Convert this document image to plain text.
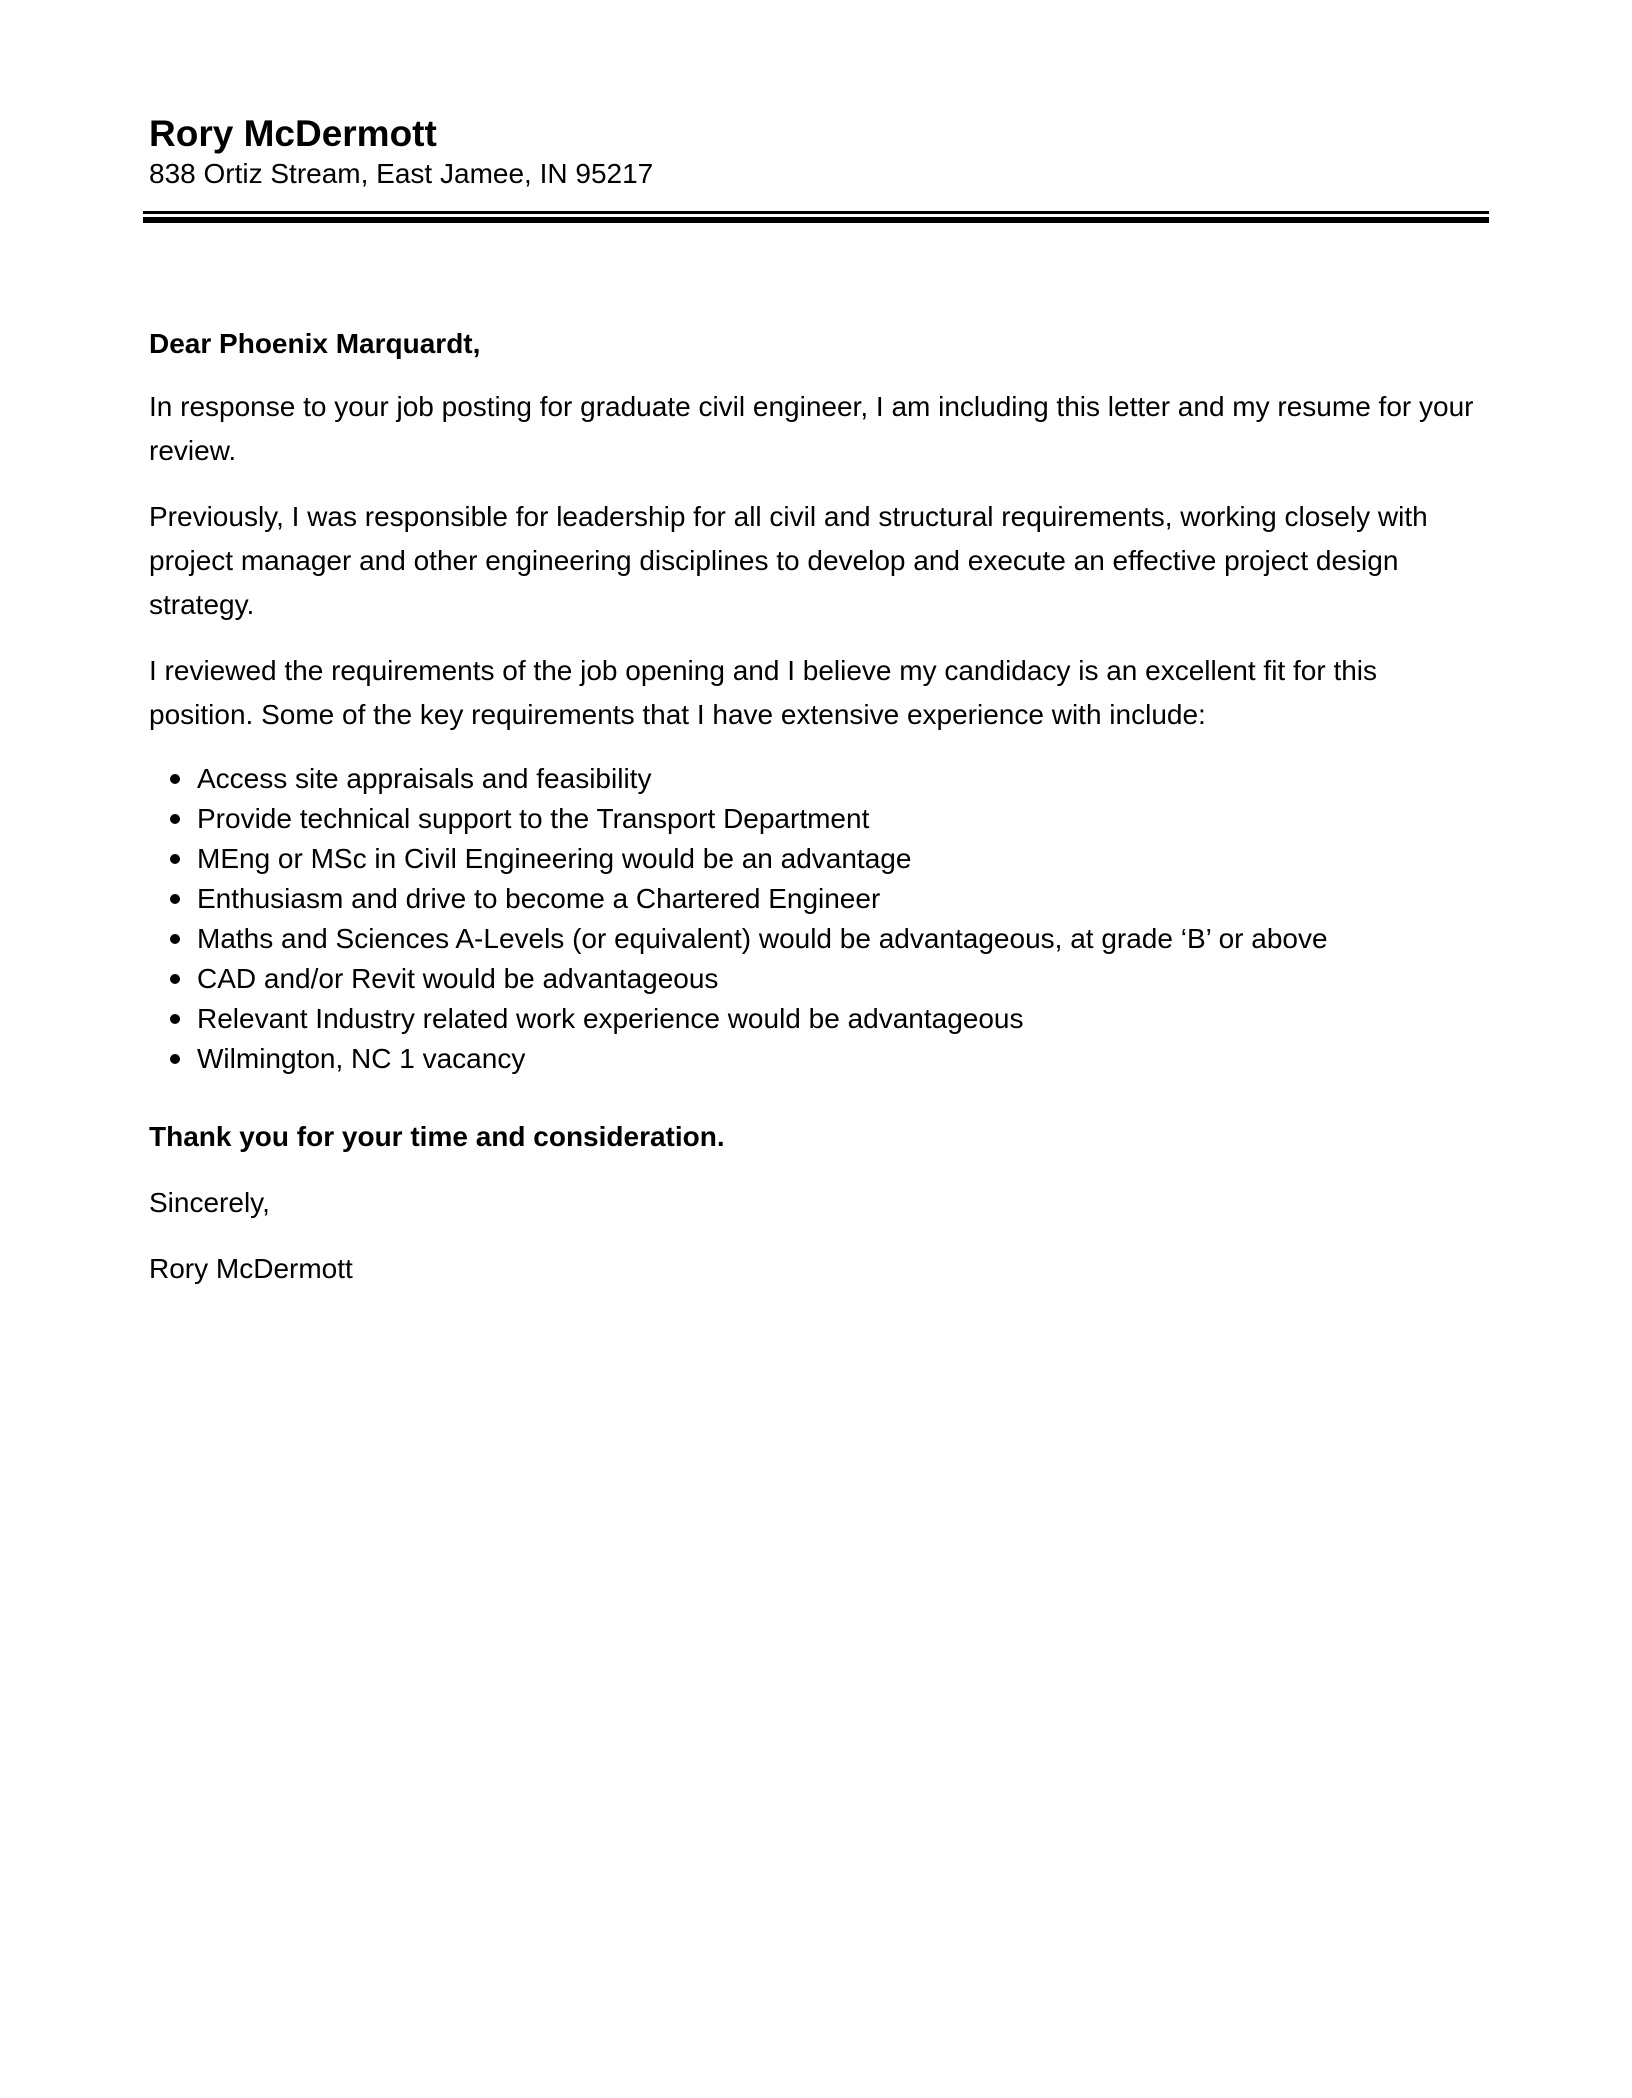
Rory McDermott
838 Ortiz Stream, East Jamee, IN 95217

Dear Phoenix Marquardt,

In response to your job posting for graduate civil engineer, I am including this letter and my resume for your review.

Previously, I was responsible for leadership for all civil and structural requirements, working closely with project manager and other engineering disciplines to develop and execute an effective project design strategy.

I reviewed the requirements of the job opening and I believe my candidacy is an excellent fit for this position. Some of the key requirements that I have extensive experience with include:

Access site appraisals and feasibility
Provide technical support to the Transport Department
MEng or MSc in Civil Engineering would be an advantage
Enthusiasm and drive to become a Chartered Engineer
Maths and Sciences A-Levels (or equivalent) would be advantageous, at grade ‘B’ or above
CAD and/or Revit would be advantageous
Relevant Industry related work experience would be advantageous
Wilmington, NC 1 vacancy

Thank you for your time and consideration.

Sincerely,

Rory McDermott
